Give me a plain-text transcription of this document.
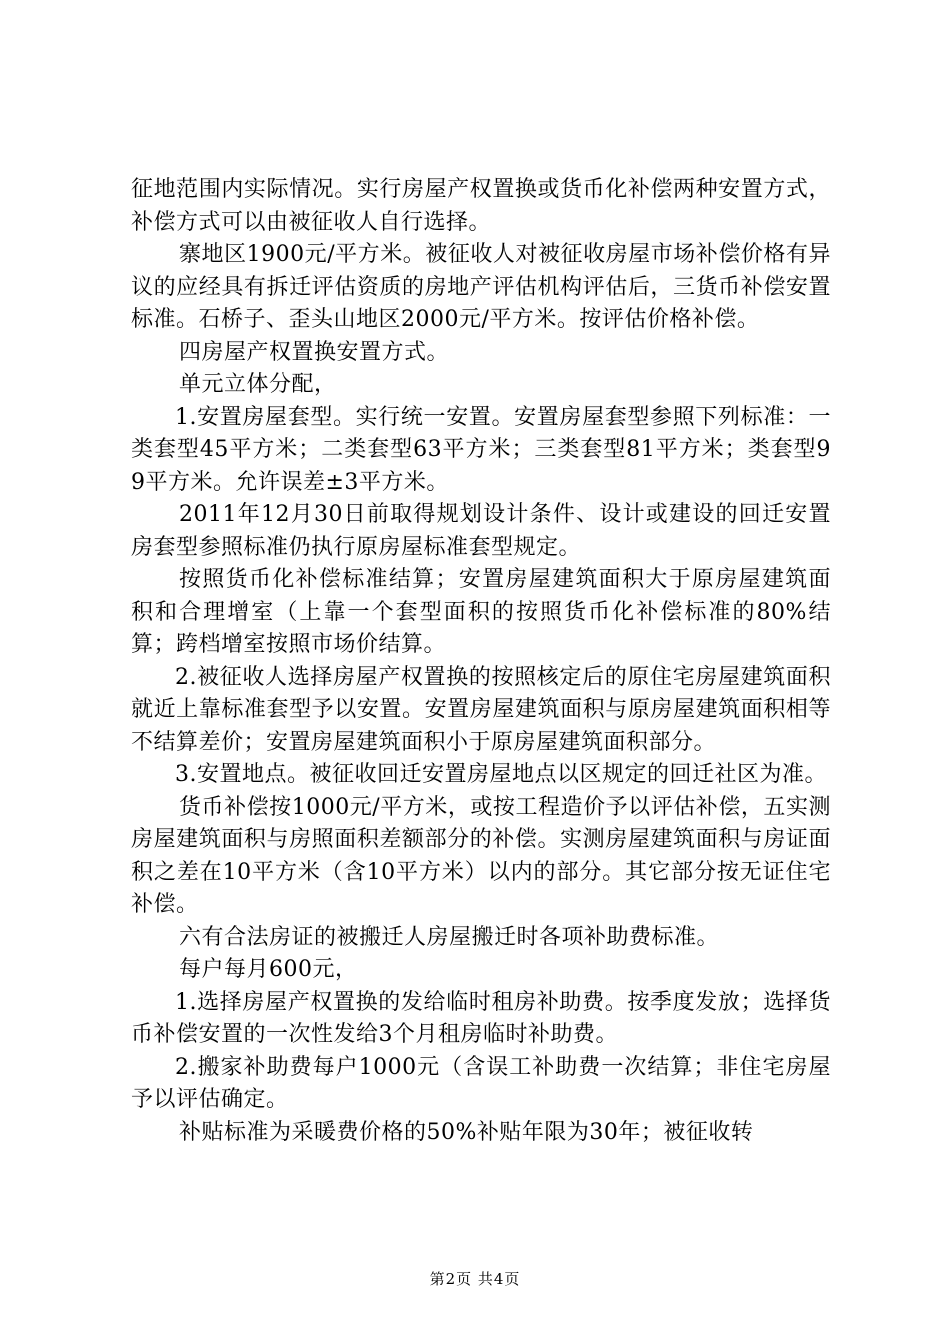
征地范围内实际情况。实行房屋产权置换或货币化补偿两种安置方式，补偿方式可以由被征收人自行选择。

寨地区1900元/平方米。被征收人对被征收房屋市场补偿价格有异议的应经具有拆迁评估资质的房地产评估机构评估后，三货币补偿安置标准。石桥子、歪头山地区2000元/平方米。按评估价格补偿。

四房屋产权置换安置方式。

单元立体分配，

1.安置房屋套型。实行统一安置。安置房屋套型参照下列标准：一类套型45平方米；二类套型63平方米；三类套型81平方米；类套型99平方米。允许误差±3平方米。

2011年12月30日前取得规划设计条件、设计或建设的回迁安置房套型参照标准仍执行原房屋标准套型规定。

按照货币化补偿标准结算；安置房屋建筑面积大于原房屋建筑面积和合理增室（上靠一个套型面积的按照货币化补偿标准的80%结算；跨档增室按照市场价结算。

2.被征收人选择房屋产权置换的按照核定后的原住宅房屋建筑面积就近上靠标准套型予以安置。安置房屋建筑面积与原房屋建筑面积相等不结算差价；安置房屋建筑面积小于原房屋建筑面积部分。

3.安置地点。被征收回迁安置房屋地点以区规定的回迁社区为准。

货币补偿按1000元/平方米，或按工程造价予以评估补偿，五实测房屋建筑面积与房照面积差额部分的补偿。实测房屋建筑面积与房证面积之差在10平方米（含10平方米）以内的部分。其它部分按无证住宅补偿。

六有合法房证的被搬迁人房屋搬迁时各项补助费标准。

每户每月600元，

1.选择房屋产权置换的发给临时租房补助费。按季度发放；选择货币补偿安置的一次性发给3个月租房临时补助费。

2.搬家补助费每户1000元（含误工补助费一次结算；非住宅房屋予以评估确定。

补贴标准为采暖费价格的50%补贴年限为30年；被征收转

第2页 共4页
